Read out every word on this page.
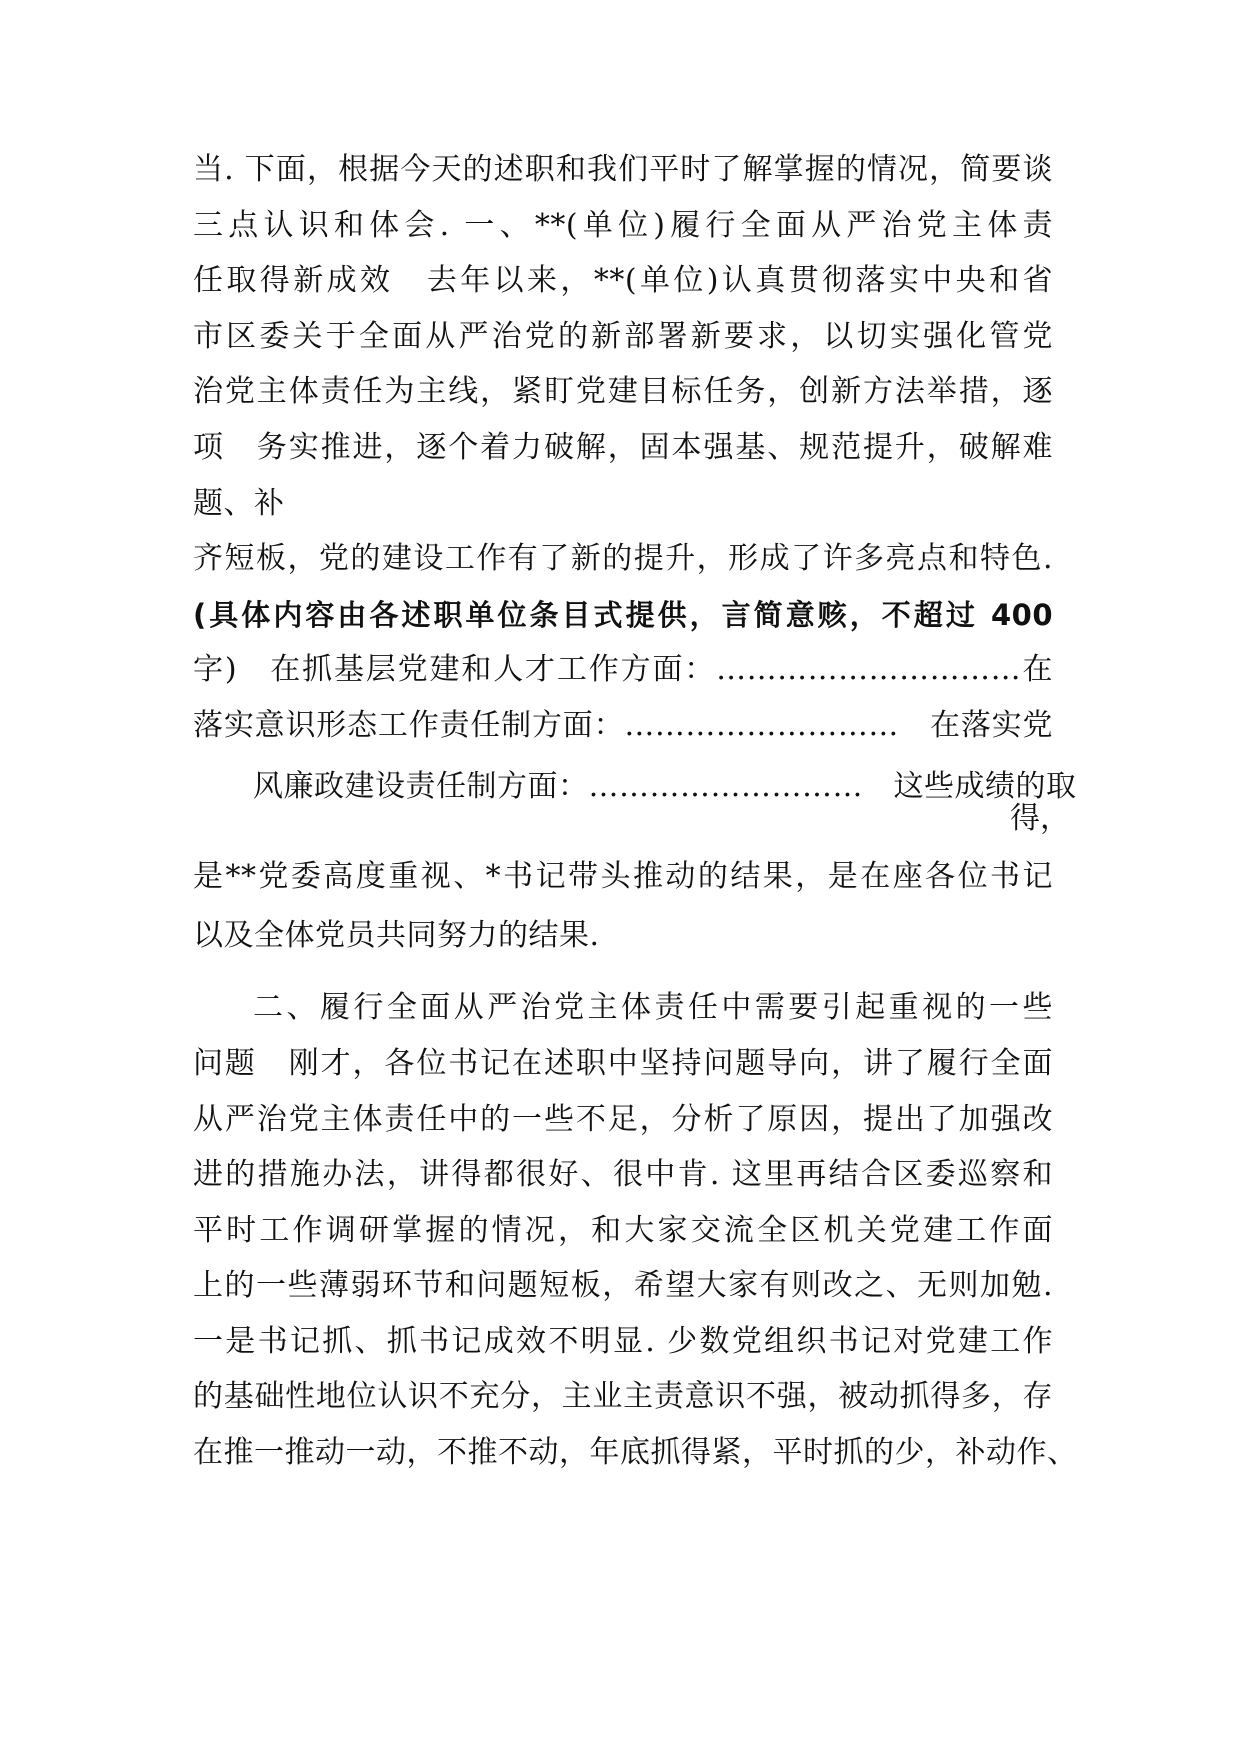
当. 下面，根据今天的述职和我们平时了解掌握的情况，简要谈
三点认识和体会. 一、**(单位)履行全面从严治党主体责
任取得新成效　去年以来，**(单位)认真贯彻落实中央和省
市区委关于全面从严治党的新部署新要求，以切实强化管党
治党主体责任为主线，紧盯党建目标任务，创新方法举措，逐
项　务实推进，逐个着力破解，固本强基、规范提升，破解难
题、补
齐短板，党的建设工作有了新的提升，形成了许多亮点和特色.
(具体内容由各述职单位条目式提供，言简意赅，不超过 400
字)　在抓基层党建和人才工作方面：…………………………在
落实意识形态工作责任制方面：………………………　在落实党
风廉政建设责任制方面：………………………　这些成绩的取
得，
是**党委高度重视、*书记带头推动的结果，是在座各位书记
以及全体党员共同努力的结果.
二、履行全面从严治党主体责任中需要引起重视的一些
问题　刚才，各位书记在述职中坚持问题导向，讲了履行全面
从严治党主体责任中的一些不足，分析了原因，提出了加强改
进的措施办法，讲得都很好、很中肯. 这里再结合区委巡察和
平时工作调研掌握的情况，和大家交流全区机关党建工作面
上的一些薄弱环节和问题短板，希望大家有则改之、无则加勉.
一是书记抓、抓书记成效不明显. 少数党组织书记对党建工作
的基础性地位认识不充分，主业主责意识不强，被动抓得多，存
在推一推动一动，不推不动，年底抓得紧，平时抓的少，补动作、
